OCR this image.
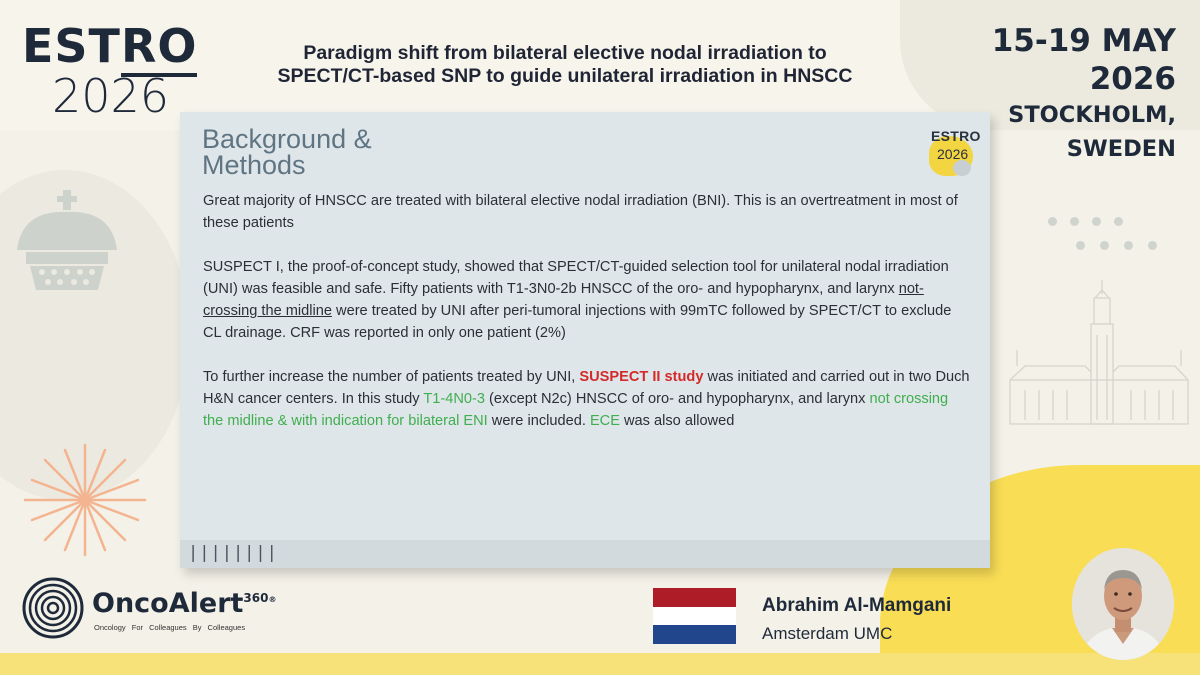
ESTRO
2026
Paradigm shift from bilateral elective nodal irradiation to
SPECT/CT-based SNP to guide unilateral irradiation in HNSCC
15-19 MAY 2026
STOCKHOLM, SWEDEN
Background &
Methods
ESTRO
2026
Great majority of HNSCC are treated with bilateral elective nodal irradiation (BNI). This is an overtreatment in most of these patients
SUSPECT I, the proof-of-concept study, showed that SPECT/CT-guided selection tool for unilateral nodal irradiation (UNI) was feasible and safe. Fifty patients with T1-3N0-2b HNSCC of the oro- and hypopharynx, and larynx not-crossing the midline were treated by UNI after peri-tumoral injections with 99mTC followed by SPECT/CT to exclude CL drainage. CRF was reported in only one patient (2%)
To further increase the number of patients treated by UNI, SUSPECT II study was initiated and carried out in two Duch H&N cancer centers. In this study T1-4N0-3 (except N2c) HNSCC of oro- and hypopharynx, and larynx not crossing the midline & with indication for bilateral ENI were included. ECE was also allowed
||||||||
OncoAlert$^{360®}$
Oncology For Colleagues By Colleagues
Abrahim Al-Mamgani
Amsterdam UMC
